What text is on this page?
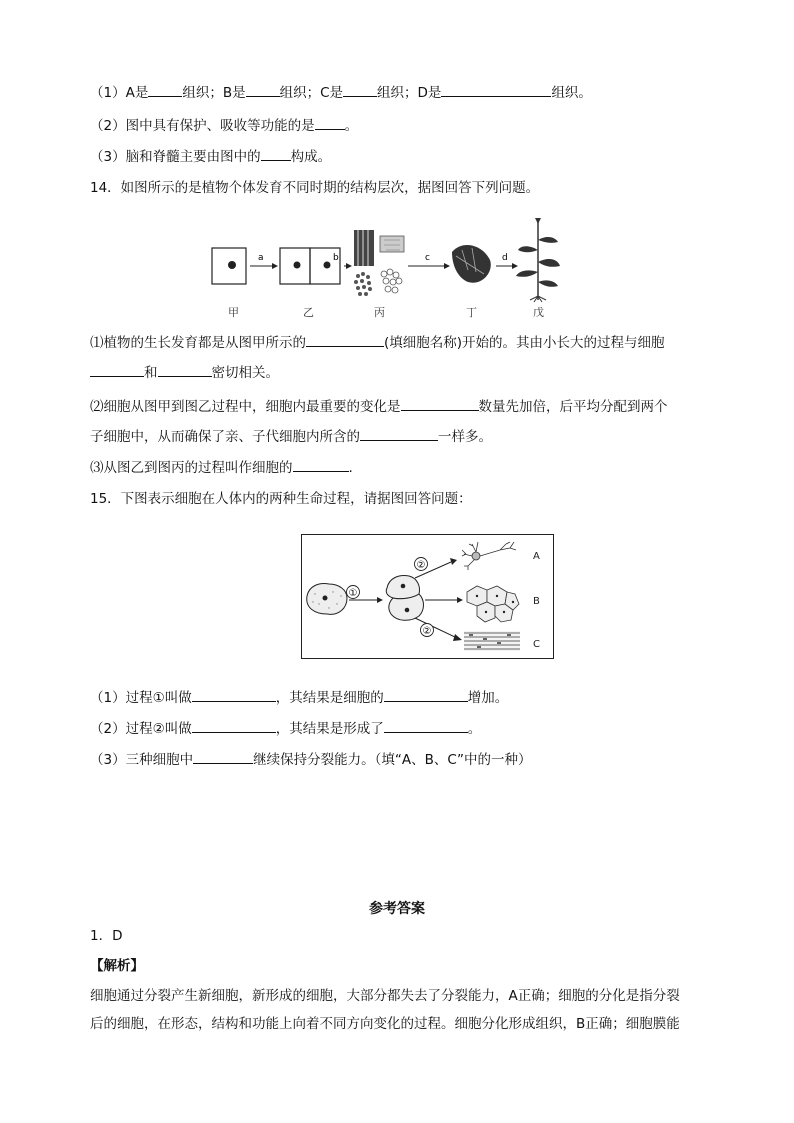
（1）A是	组织；B是	组织；C是	组织；D是	组织。
（2）图中具有保护、吸收等功能的是 。
（3）脑和脊髓主要由图中的 构成。
14．如图所示的是植物个体发育不同时期的结构层次，据图回答下列问题。
a	b	c	d
甲	乙	丙	丁	戊
⑴植物的生长发育都是从图甲所示的	(填细胞名称)开始的。其由小长大的过程与细胞
和	密切相关。
⑵细胞从图甲到图乙过程中，细胞内最重要的变化是	数量先加倍，后平均分配到两个
子细胞中，从而确保了亲、子代细胞内所含的	一样多。
⑶从图乙到图丙的过程叫作细胞的	.
15．下图表示细胞在人体内的两种生命过程，请据图回答问题：
①
②
②
A
B
C
（1）过程①叫做	，其结果是细胞的	增加。
（2）过程②叫做	，其结果是形成了	。
（3）三种细胞中	继续保持分裂能力。（填“A、B、C”中的一种）
参考答案
1．D
【解析】
细胞通过分裂产生新细胞，新形成的细胞，大部分都失去了分裂能力，A正确；细胞的分化是指分裂
后的细胞，在形态，结构和功能上向着不同方向变化的过程。细胞分化形成组织，B正确；细胞膜能
